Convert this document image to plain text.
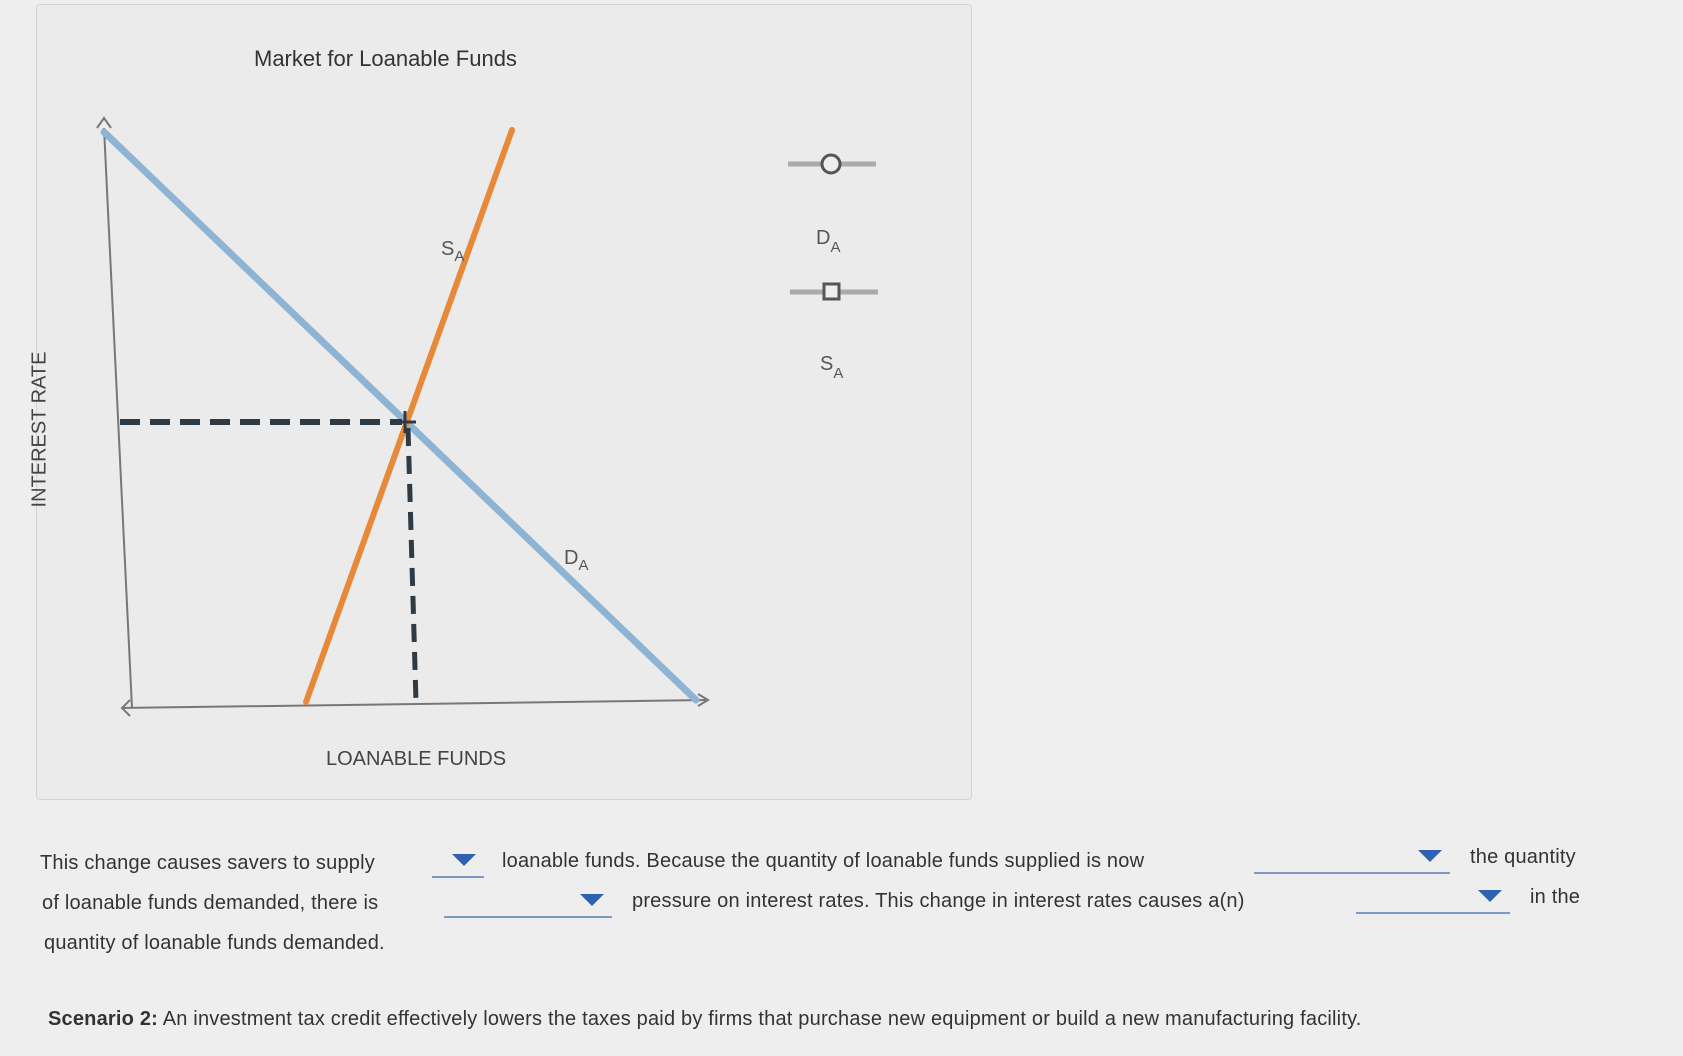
Market for Loanable Funds
INTEREST RATE
LOANABLE FUNDS
$S_A$
$D_A$
$D_A$
$S_A$
This change causes savers to supply	loanable funds. Because the quantity of loanable funds supplied is now	the quantity
of loanable funds demanded, there is	pressure on interest rates. This change in interest rates causes a(n)	in the
quantity of loanable funds demanded.
Scenario 2: An investment tax credit effectively lowers the taxes paid by firms that purchase new equipment or build a new manufacturing facility.
